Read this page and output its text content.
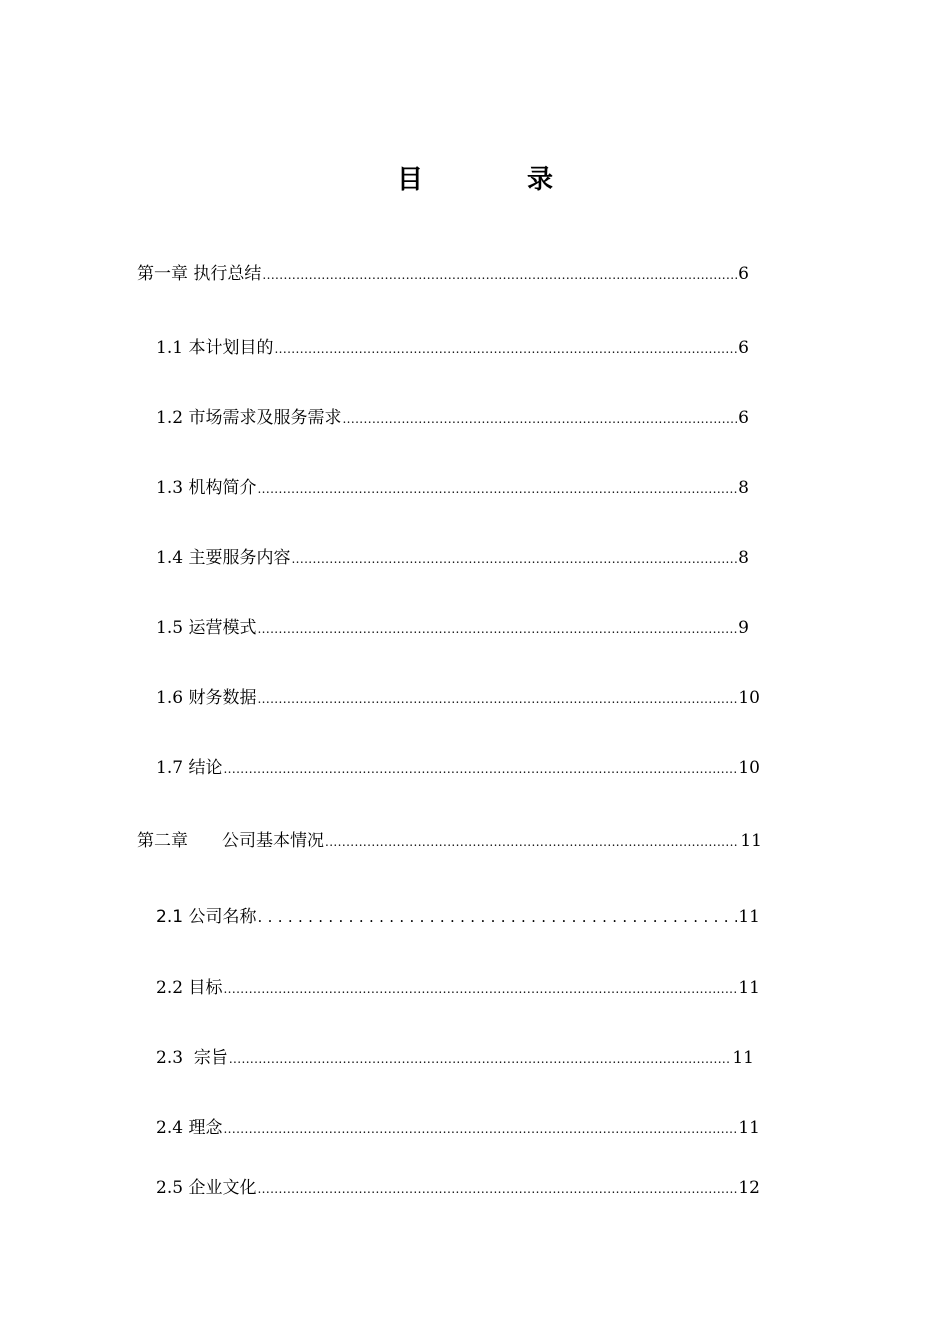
目	录
第一章 执行总结 .....	6
1.1 本计划目的 .....	6
1.2 市场需求及服务需求 .....	6
1.3 机构简介 .....	8
1.4 主要服务内容 .....	8
1.5 运营模式 .....	9
1.6 财务数据 .....	10
1.7 结论 .....	10
第二章 公司基本情况 .....	11
2.1 公司名称 . . .	11
2.2 目标 .....	11
2.3  宗旨 .....	11
2.4 理念 .....	11
2.5 企业文化 .....	12
